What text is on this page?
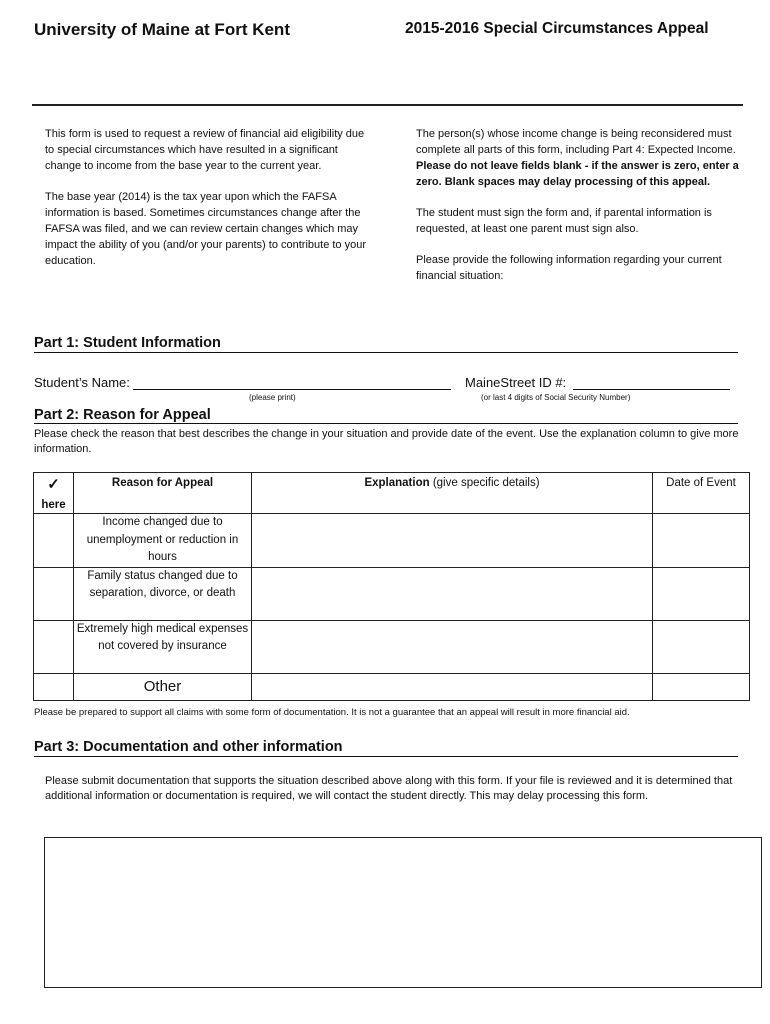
University of Maine at Fort Kent	2015-2016 Special Circumstances Appeal

This form is used to request a review of financial aid eligibility due to special circumstances which have resulted in a significant change to income from the base year to the current year.

The base year (2014) is the tax year upon which the FAFSA information is based. Sometimes circumstances change after the FAFSA was filed, and we can review certain changes which may impact the ability of you (and/or your parents) to contribute to your education.

The person(s) whose income change is being reconsidered must complete all parts of this form, including Part 4: Expected Income. Please do not leave fields blank - if the answer is zero, enter a zero. Blank spaces may delay processing of this appeal.

The student must sign the form and, if parental information is requested, at least one parent must sign also.

Please provide the following information regarding your current financial situation:

Part 1: Student Information
Student’s Name:
(please print)
MaineStreet ID #:
(or last 4 digits of Social Security Number)
Part 2: Reason for Appeal
Please check the reason that best describes the change in your situation and provide date of the event. Use the explanation column to give more information.
✓
here	Reason for Appeal	Explanation (give specific details)	Date of Event
	Income changed due to unemployment or reduction in hours		
	Family status changed due to separation, divorce, or death		
	Extremely high medical expenses not covered by insurance		
	Other		
Please be prepared to support all claims with some form of documentation. It is not a guarantee that an appeal will result in more financial aid.
Part 3: Documentation and other information
Please submit documentation that supports the situation described above along with this form. If your file is reviewed and it is determined that additional information or documentation is required, we will contact the student directly. This may delay processing this form.
